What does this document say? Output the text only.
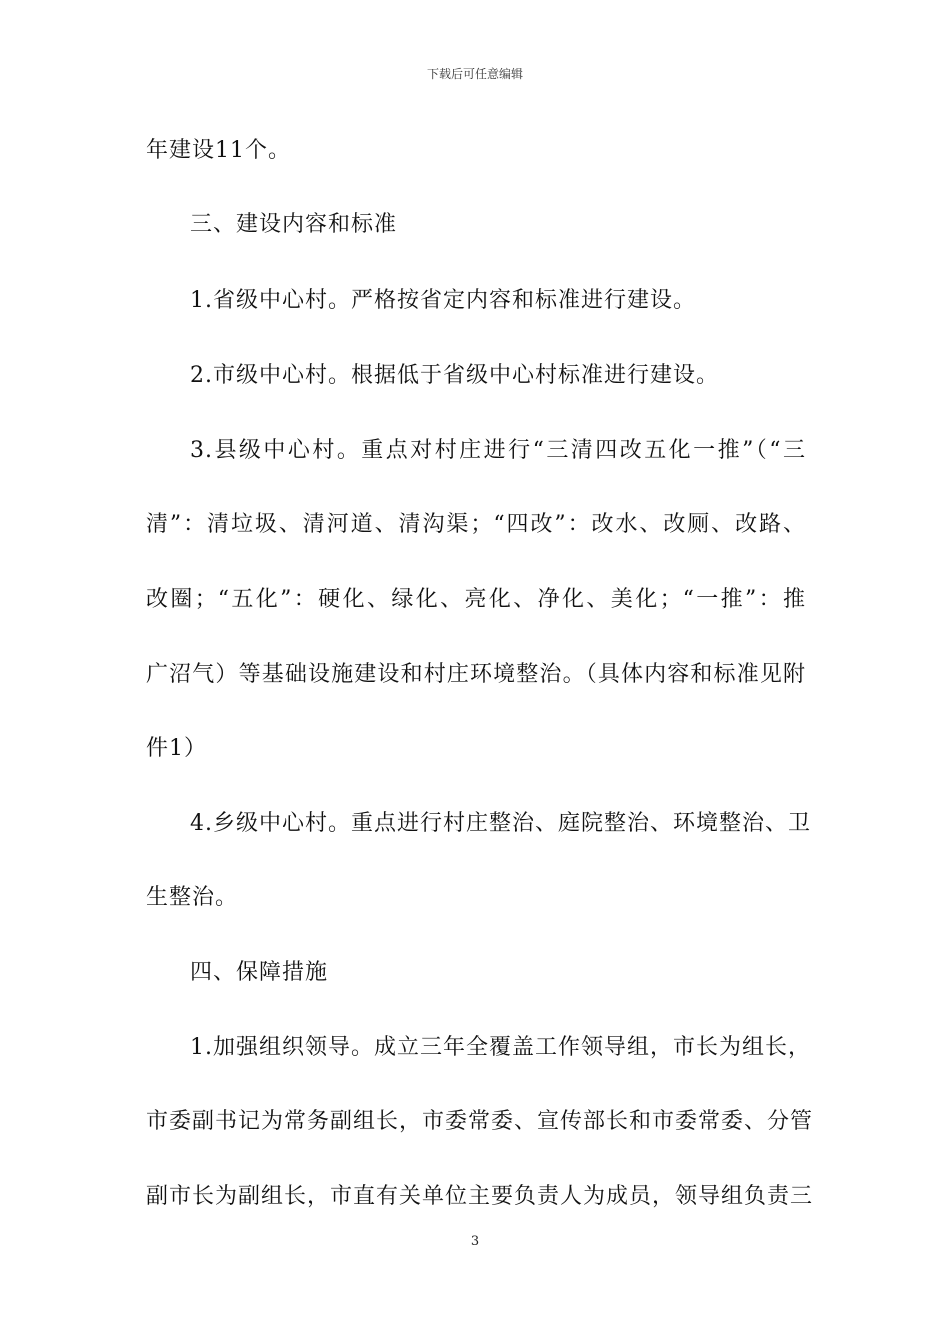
下载后可任意编辑
年建设11个。
三、建设内容和标准
1.省级中心村。严格按省定内容和标准进行建设。
2.市级中心村。根据低于省级中心村标准进行建设。
3.县级中心村。重点对村庄进行“三清四改五化一推”（“三
清”：清垃圾、清河道、清沟渠；“四改”：改水、改厕、改路、
改圈；“五化”：硬化、绿化、亮化、净化、美化；“一推”：推
广沼气）等基础设施建设和村庄环境整治。（具体内容和标准见附
件1）
4.乡级中心村。重点进行村庄整治、庭院整治、环境整治、卫
生整治。
四、保障措施
1.加强组织领导。成立三年全覆盖工作领导组，市长为组长，
市委副书记为常务副组长，市委常委、宣传部长和市委常委、分管
副市长为副组长，市直有关单位主要负责人为成员，领导组负责三
3
